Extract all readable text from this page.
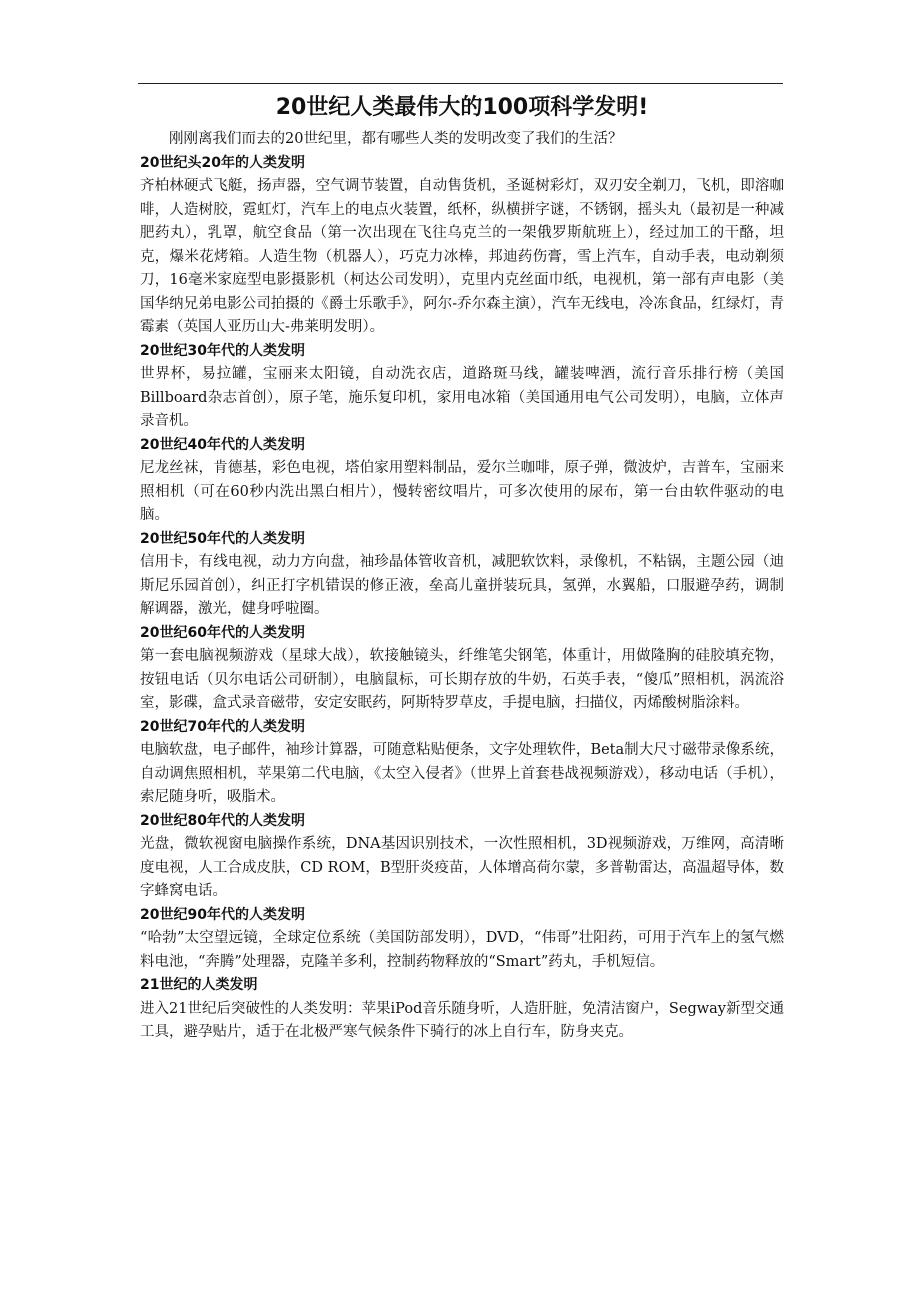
20世纪人类最伟大的100项科学发明!

刚刚离我们而去的20世纪里，都有哪些人类的发明改变了我们的生活？

20世纪头20年的人类发明

齐柏林硬式飞艇，扬声器，空气调节装置，自动售货机，圣诞树彩灯，双刃安全剃刀，飞机，即溶咖啡，人造树胶，霓虹灯，汽车上的电点火装置，纸杯，纵横拼字谜，不锈钢，摇头丸（最初是一种减肥药丸），乳罩，航空食品（第一次出现在飞往乌克兰的一架俄罗斯航班上），经过加工的干酪，坦克，爆米花烤箱。人造生物（机器人），巧克力冰棒，邦迪药伤膏，雪上汽车，自动手表，电动剃须刀，16毫米家庭型电影摄影机（柯达公司发明），克里内克丝面巾纸，电视机，第一部有声电影（美国华纳兄弟电影公司拍摄的《爵士乐歌手》，阿尔-乔尔森主演），汽车无线电，冷冻食品，红绿灯，青霉素（英国人亚历山大-弗莱明发明）。

20世纪30年代的人类发明

世界杯，易拉罐，宝丽来太阳镜，自动洗衣店，道路斑马线，罐装啤酒，流行音乐排行榜（美国Billboard杂志首创），原子笔，施乐复印机，家用电冰箱（美国通用电气公司发明），电脑，立体声录音机。

20世纪40年代的人类发明

尼龙丝袜，肯德基，彩色电视，塔伯家用塑料制品，爱尔兰咖啡，原子弹，微波炉，吉普车，宝丽来照相机（可在60秒内洗出黑白相片），慢转密纹唱片，可多次使用的尿布，第一台由软件驱动的电脑。

20世纪50年代的人类发明

信用卡，有线电视，动力方向盘，袖珍晶体管收音机，减肥软饮料，录像机，不粘锅，主题公园（迪斯尼乐园首创），纠正打字机错误的修正液，垒高儿童拼装玩具，氢弹，水翼船，口服避孕药，调制解调器，激光，健身呼啦圈。

20世纪60年代的人类发明

第一套电脑视频游戏（星球大战），软接触镜头，纤维笔尖钢笔，体重计，用做隆胸的硅胶填充物，按钮电话（贝尔电话公司研制），电脑鼠标，可长期存放的牛奶，石英手表，“傻瓜”照相机，涡流浴室，影碟，盒式录音磁带，安定安眠药，阿斯特罗草皮，手提电脑，扫描仪，丙烯酸树脂涂料。

20世纪70年代的人类发明

电脑软盘，电子邮件，袖珍计算器，可随意粘贴便条，文字处理软件，Beta制大尺寸磁带录像系统，自动调焦照相机，苹果第二代电脑，《太空入侵者》（世界上首套巷战视频游戏），移动电话（手机），索尼随身听，吸脂术。

20世纪80年代的人类发明

光盘，微软视窗电脑操作系统，DNA基因识别技术，一次性照相机，3D视频游戏，万维网，高清晰度电视，人工合成皮肤，CD ROM，B型肝炎疫苗，人体增高荷尔蒙，多普勒雷达，高温超导体，数字蜂窝电话。

20世纪90年代的人类发明

“哈勃”太空望远镜，全球定位系统（美国防部发明），DVD，“伟哥”壮阳药，可用于汽车上的氢气燃料电池，“奔腾”处理器，克隆羊多利，控制药物释放的“Smart”药丸，手机短信。

21世纪的人类发明

进入21世纪后突破性的人类发明：苹果iPod音乐随身听，人造肝脏，免清洁窗户，Segway新型交通工具，避孕贴片，适于在北极严寒气候条件下骑行的冰上自行车，防身夹克。
